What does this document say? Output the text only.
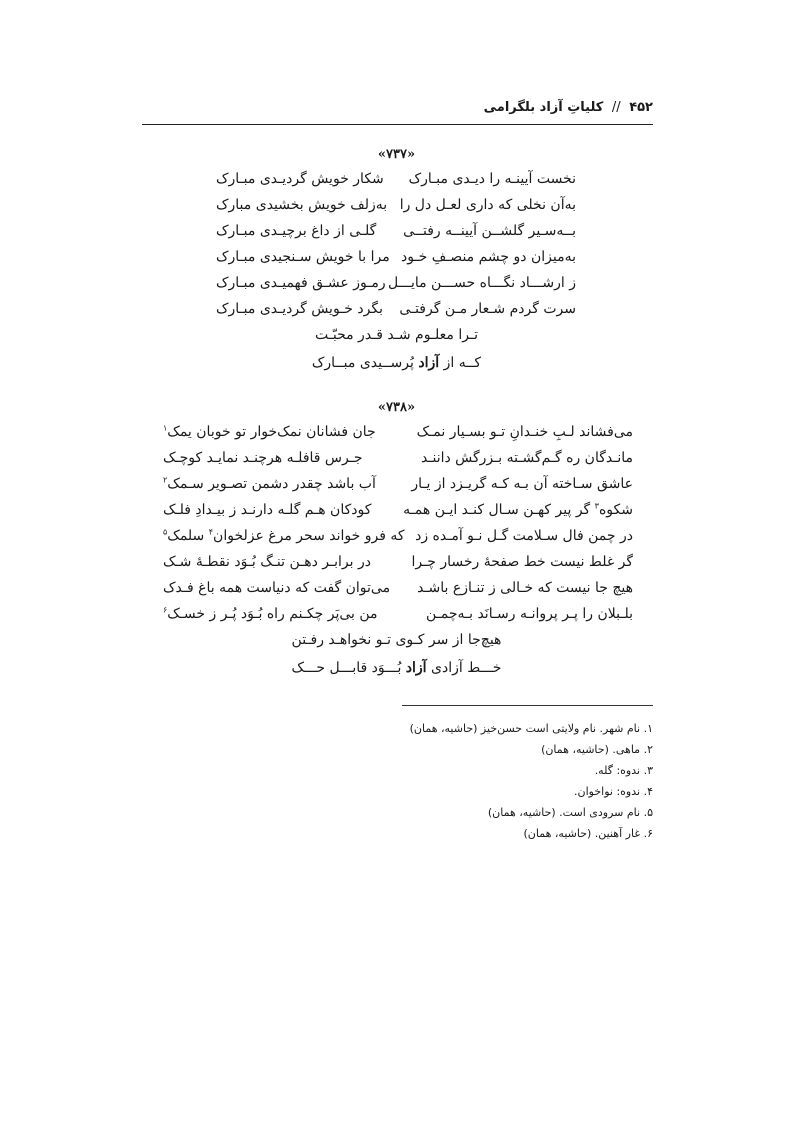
۴۵۲ // کلیاتِ آزاد بلگرامی
«۷۳۷»
نخست آیینـه را دیـدی مبـارک
شکار خویش گردیـدی مبـارک
به‌آن نخلی که داری لعـل دل را
به‌زلف خویش بخشیدی مبارک
بــه‌سـیر گلشــن آیینــه رفتــی
گلـی از داغ برچیـدی مبـارک
به‌میزان دو چشم منصـفِ خـود
مرا با خویش سـنجیدی مبـارک
ز ارشـــاد نگـــاه حســـن مایـــل
رمـوز عشـق فهمیـدی مبـارک
سرت گردم شـعار مـن گرفتـی
بگرد خـویش گردیـدی مبـارک
تـرا معلـوم شـد قـدر محبّـت
کــه از آزاد پُرســیدی مبــارک
«۷۳۸»
می‌فشاند لـبِ خنـدانِ تـو بسـیار نمـک
جان فشانان نمک‌خوار تو خوبان یمک$^۱$
مانـدگان ره گـم‌گشـته بـزرگش داننـد
جـرس قافلـه هرچنـد نمایـد کوچـک
عاشق سـاخته آن بـه کـه گریـزد از یـار
آب باشد چقدر دشمن تصـویر سـمک$^۲$
شکوه$^۳$ گر پیر کهـن سـال کنـد ایـن همـه
کودکان هـم گلـه دارنـد ز بیـدادِ فلـک
در چمن فال سـلامت گـل نـو آمـده زد
که فرو خواند سحر مرغ عزلخوان$^۴$ سلمک$^۵$
گر غلط نیست خط صفحهٔ رخسار چـرا
در برابـر دهـن تنـگ بُـوَد نقطـهٔ شـک
هیچ جا نیست که خـالی ز تنـازع باشـد
می‌توان گفت که دنیاست همه باغ فـدک
بلـبلان را پـر پروانـه رسـانَد بـه‌چمـن
من بی‌پَر چکـنم راه بُـوَد پُـر ز خسـک$^۶$
هیچ‌جا از سر کـوی تـو نخواهـد رفـتن
خـــط آزادی آزاد بُـــوَد قابـــل حـــک
۱. نام شهر. نام ولایتی است حسن‌خیز (حاشیه، همان)
۲. ماهی. (حاشیه، همان)
۳. ندوه: گله.
۴. ندوه: نواخوان.
۵. نام سرودی است. (حاشیه، همان)
۶. غار آهنین. (حاشیه، همان)
